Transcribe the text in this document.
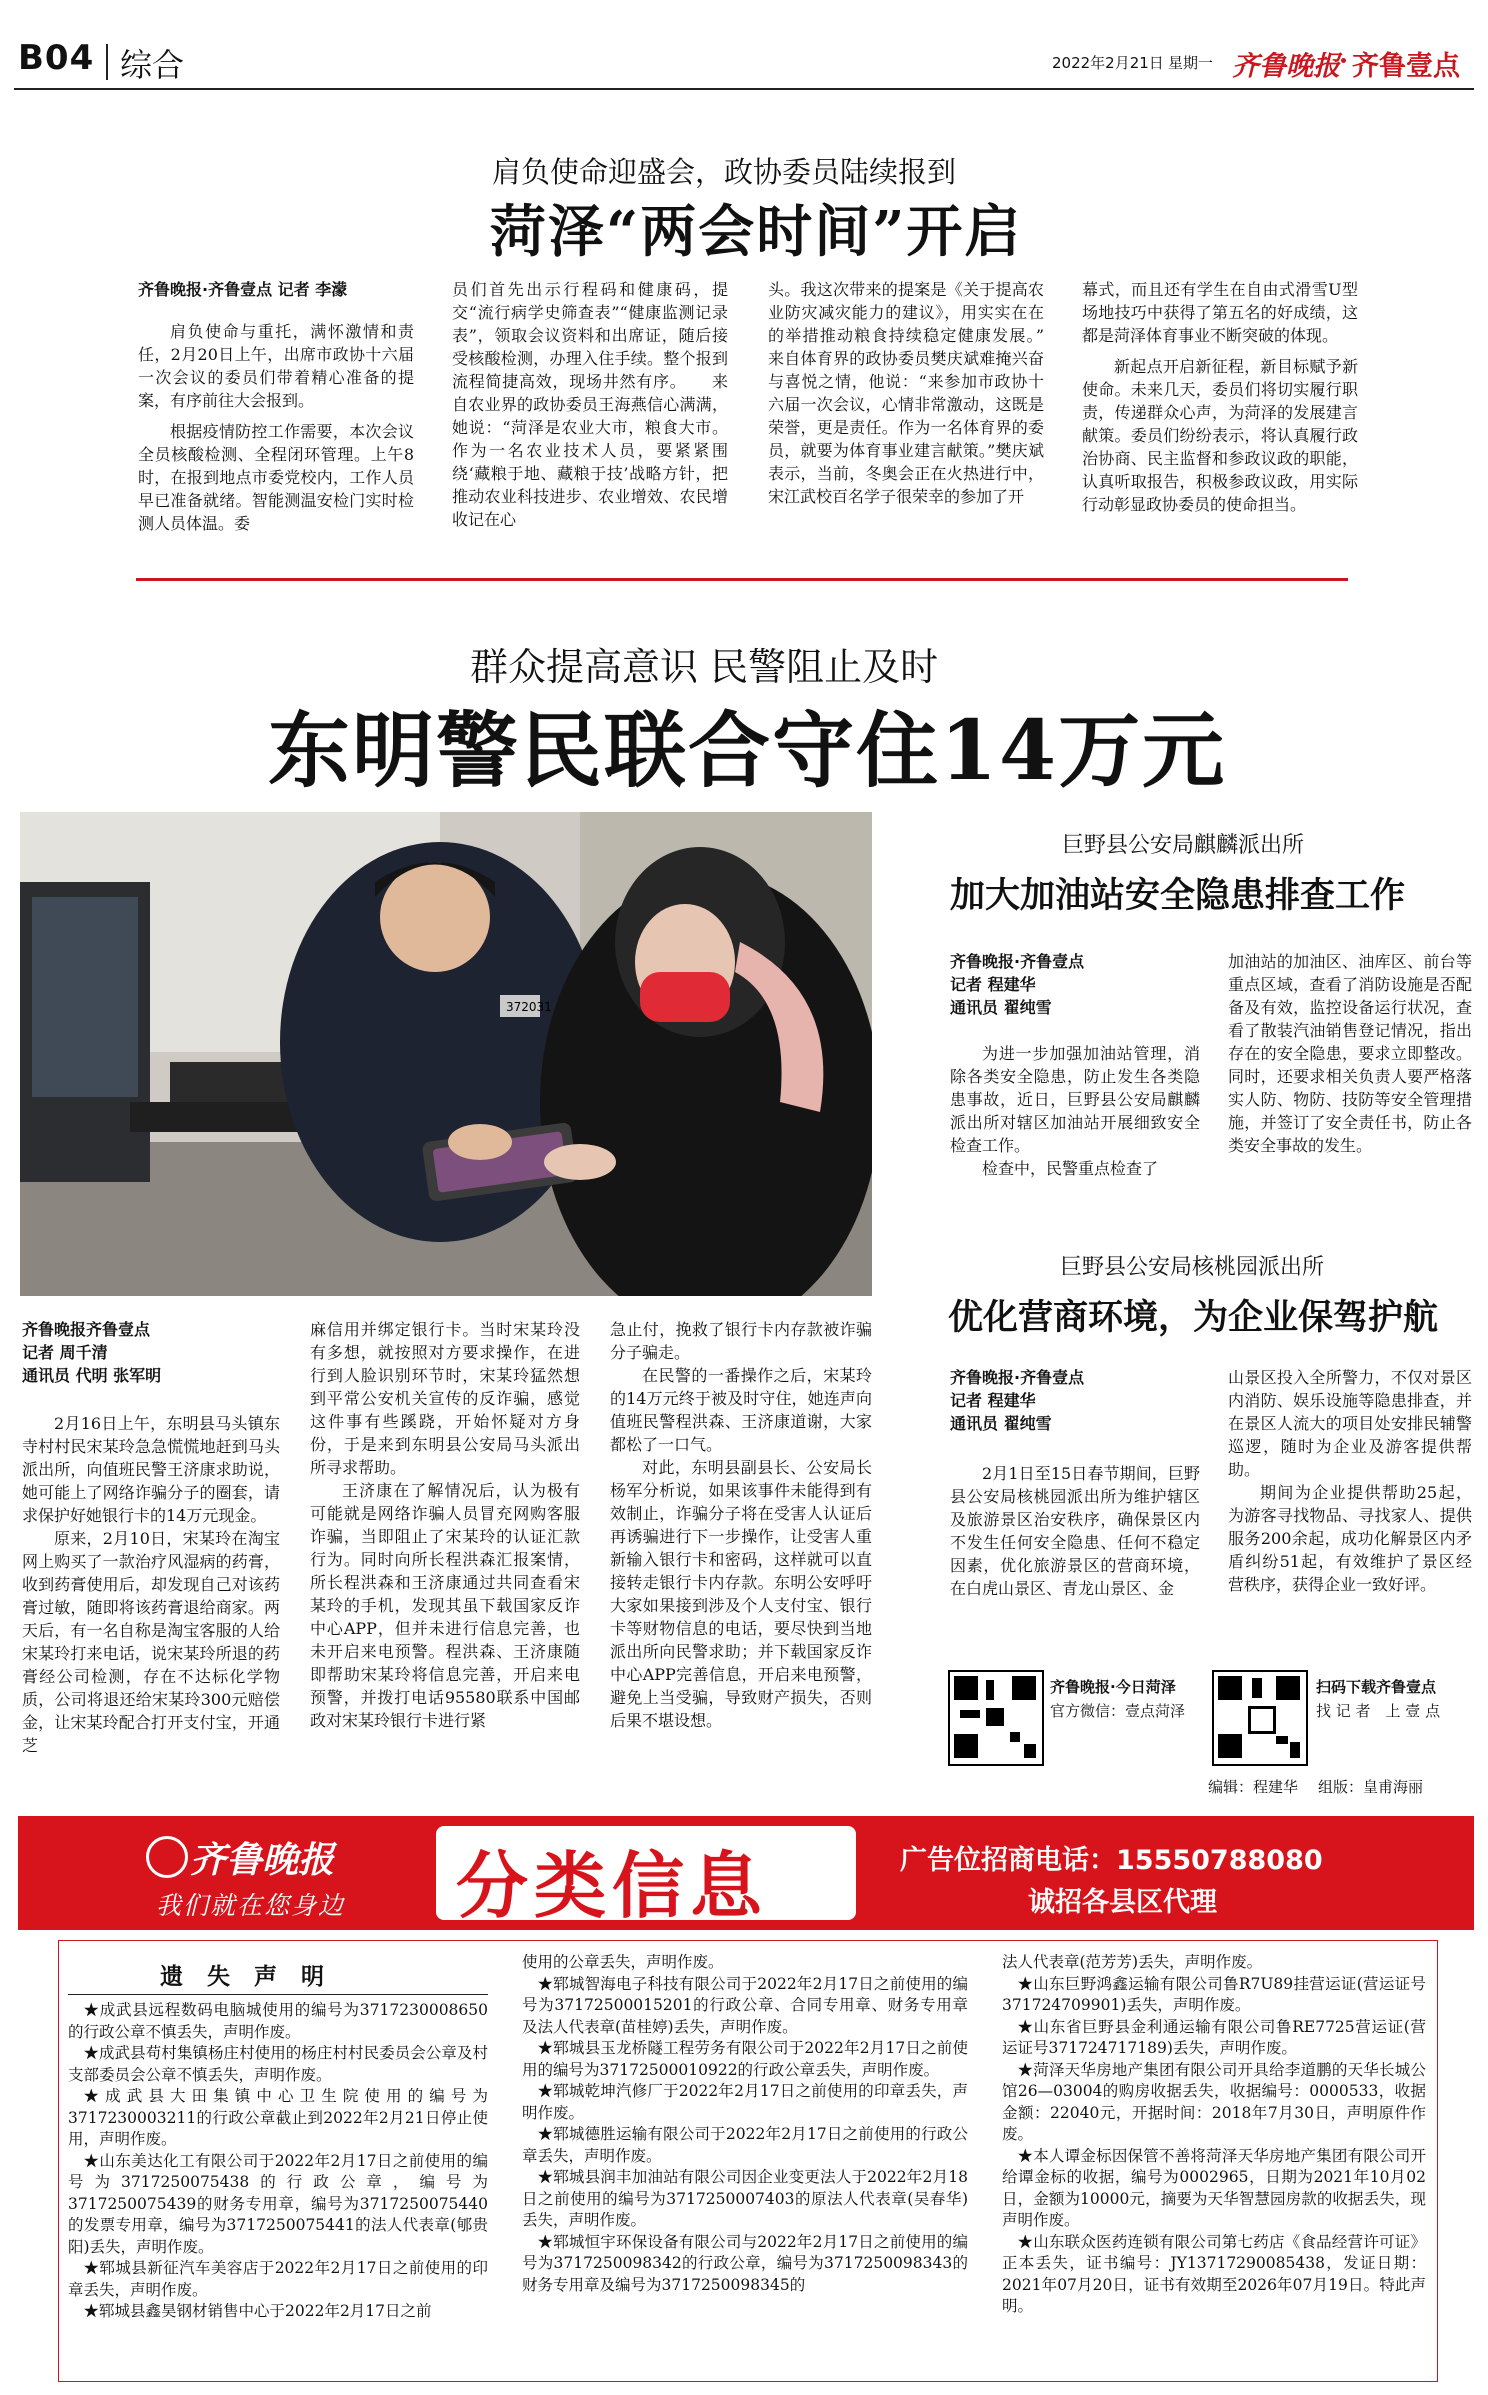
B04 综合	2022年2月21日 星期一 齐鲁晚报 齐鲁壹点
肩负使命迎盛会，政协委员陆续报到
菏泽“两会时间”开启
齐鲁晚报·齐鲁壹点 记者 李濛

肩负使命与重托，满怀激情和责任，2月20日上午，出席市政协十六届一次会议的委员们带着精心准备的提案，有序前往大会报到。

根据疫情防控工作需要，本次会议全员核酸检测、全程闭环管理。上午8时，在报到地点市委党校内，工作人员早已准备就绪。智能测温安检门实时检测人员体温。委

员们首先出示行程码和健康码，提交“流行病学史筛查表”“健康监测记录表”，领取会议资料和出席证，随后接受核酸检测，办理入住手续。整个报到流程简捷高效，现场井然有序。　　来自农业界的政协委员王海燕信心满满，她说：“菏泽是农业大市，粮食大市。作为一名农业技术人员，要紧紧围绕‘藏粮于地、藏粮于技’战略方针，把推动农业科技进步、农业增效、农民增收记在心

头。我这次带来的提案是《关于提高农业防灾减灾能力的建议》，用实实在在的举措推动粮食持续稳定健康发展。”　　来自体育界的政协委员樊庆斌难掩兴奋与喜悦之情，他说：“来参加市政协十六届一次会议，心情非常激动，这既是荣誉，更是责任。作为一名体育界的委员，就要为体育事业建言献策。”樊庆斌表示，当前，冬奥会正在火热进行中，宋江武校百名学子很荣幸的参加了开

幕式，而且还有学生在自由式滑雪U型场地技巧中获得了第五名的好成绩，这都是菏泽体育事业不断突破的体现。

新起点开启新征程，新目标赋予新使命。未来几天，委员们将切实履行职责，传递群众心声，为菏泽的发展建言献策。委员们纷纷表示，将认真履行政治协商、民主监督和参政议政的职能，认真听取报告，积极参政议政，用实际行动彰显政协委员的使命担当。

群众提高意识 民警阻止及时
东明警民联合守住14万元
372031
齐鲁晚报齐鲁壹点
记者 周千清
通讯员 代明 张军明

2月16日上午，东明县马头镇东寺村村民宋某玲急急慌慌地赶到马头派出所，向值班民警王济康求助说，她可能上了网络诈骗分子的圈套，请求保护好她银行卡的14万元现金。

原来，2月10日，宋某玲在淘宝网上购买了一款治疗风湿病的药膏，收到药膏使用后，却发现自己对该药膏过敏，随即将该药膏退给商家。两天后，有一名自称是淘宝客服的人给宋某玲打来电话，说宋某玲所退的药膏经公司检测，存在不达标化学物质，公司将退还给宋某玲300元赔偿金，让宋某玲配合打开支付宝，开通芝

麻信用并绑定银行卡。当时宋某玲没有多想，就按照对方要求操作，在进行到人脸识别环节时，宋某玲猛然想到平常公安机关宣传的反诈骗，感觉这件事有些蹊跷，开始怀疑对方身份，于是来到东明县公安局马头派出所寻求帮助。

王济康在了解情况后，认为极有可能就是网络诈骗人员冒充网购客服诈骗，当即阻止了宋某玲的认证汇款行为。同时向所长程洪森汇报案情，所长程洪森和王济康通过共同查看宋某玲的手机，发现其虽下载国家反诈中心APP，但并未进行信息完善，也未开启来电预警。程洪森、王济康随即帮助宋某玲将信息完善，开启来电预警，并拨打电话95580联系中国邮政对宋某玲银行卡进行紧

急止付，挽救了银行卡内存款被诈骗分子骗走。

在民警的一番操作之后，宋某玲的14万元终于被及时守住，她连声向值班民警程洪森、王济康道谢，大家都松了一口气。

对此，东明县副县长、公安局长杨军分析说，如果该事件未能得到有效制止，诈骗分子将在受害人认证后再诱骗进行下一步操作，让受害人重新输入银行卡和密码，这样就可以直接转走银行卡内存款。东明公安呼吁大家如果接到涉及个人支付宝、银行卡等财物信息的电话，要尽快到当地派出所向民警求助；并下载国家反诈中心APP完善信息，开启来电预警，避免上当受骗，导致财产损失，否则后果不堪设想。

巨野县公安局麒麟派出所
加大加油站安全隐患排查工作
齐鲁晚报·齐鲁壹点
记者 程建华
通讯员 翟纯雪

为进一步加强加油站管理，消除各类安全隐患，防止发生各类隐患事故，近日，巨野县公安局麒麟派出所对辖区加油站开展细致安全检查工作。

检查中，民警重点检查了

加油站的加油区、油库区、前台等重点区域，查看了消防设施是否配备及有效，监控设备运行状况，查看了散装汽油销售登记情况，指出存在的安全隐患，要求立即整改。同时，还要求相关负责人要严格落实人防、物防、技防等安全管理措施，并签订了安全责任书，防止各类安全事故的发生。

巨野县公安局核桃园派出所
优化营商环境，为企业保驾护航
齐鲁晚报·齐鲁壹点
记者 程建华
通讯员 翟纯雪

2月1日至15日春节期间，巨野县公安局核桃园派出所为维护辖区及旅游景区治安秩序，确保景区内不发生任何安全隐患、任何不稳定因素，优化旅游景区的营商环境，在白虎山景区、青龙山景区、金

山景区投入全所警力，不仅对景区内消防、娱乐设施等隐患排查，并在景区人流大的项目处安排民辅警巡逻，随时为企业及游客提供帮助。

期间为企业提供帮助25起，为游客寻找物品、寻找家人、提供服务200余起，成功化解景区内矛盾纠纷51起，有效维护了景区经营秩序，获得企业一致好评。

齐鲁晚报·今日菏泽
官方微信：壹点菏泽
扫码下载齐鲁壹点
找 记 者　上 壹 点
编辑：程建华 组版：皇甫海丽
齐鲁晚报
我们就在您身边 分类信息	广告位招商电话：15550788080
诚招各县区代理
遗 失 声 明

★成武县远程数码电脑城使用的编号为3717230008650的行政公章不慎丢失，声明作废。

★成武县苟村集镇杨庄村使用的杨庄村村民委员会公章及村支部委员会公章不慎丢失，声明作废。

★成武县大田集镇中心卫生院使用的编号为3717230003211的行政公章截止到2022年2月21日停止使用，声明作废。

★山东美达化工有限公司于2022年2月17日之前使用的编号为3717250075438的行政公章，编号为3717250075439的财务专用章，编号为3717250075440的发票专用章，编号为3717250075441的法人代表章(郇贵阳)丢失，声明作废。

★郓城县新征汽车美容店于2022年2月17日之前使用的印章丢失，声明作废。

★郓城县鑫昊钢材销售中心于2022年2月17日之前

使用的公章丢失，声明作废。

★郓城智海电子科技有限公司于2022年2月17日之前使用的编号为3717250001520​1的行政公章、合同专用章、财务专用章及法人代表章(苗桂婷)丢失，声明作废。

★郓城县玉龙桥隧工程劳务有限公司于2022年2月17日之前使用的编号为3717250001092​2的行政公章丢失，声明作废。

★郓城乾坤汽修厂于2022年2月17日之前使用的印章丢失，声明作废。

★郓城德胜运输有限公司于2022年2月17日之前使用的行政公章丢失，声明作废。

★郓城县润丰加油站有限公司因企业变更法人于2022年2月18日之前使用的编号为3717250007403的原法人代表章(吴春华)丢失，声明作废。

★郓城恒宇环保设备有限公司与2022年2月17日之前使用的编号为3717250098342的行政公章，编号为3717250098343的财务专用章及编号为3717250098345的

法人代表章(范芳芳)丢失，声明作废。

★山东巨野鸿鑫运输有限公司鲁R7U89挂营运证(营运证号371724709901)丢失，声明作废。

★山东省巨野县金利通运输有限公司鲁RE7725营运证(营运证号371724717189)丢失，声明作废。

★菏泽天华房地产集团有限公司开具给李道鹏的天华长城公馆26—03004的购房收据丢失，收据编号：0000533，收据金额：22040元，开据时间：2018年7月30日，声明原件作废。

★本人谭金标因保管不善将菏泽天华房地产集团有限公司开给谭金标的收据，编号为0002965，日期为2021年10月02日，金额为10000元，摘要为天华智慧园房款的收据丢失，现声明作废。

★山东联众医药连锁有限公司第七药店《食品经营许可证》正本丢失，证书编号：JY13717290085438，发证日期：2021年07月20日，证书有效期至2026年07月19日。特此声明。
